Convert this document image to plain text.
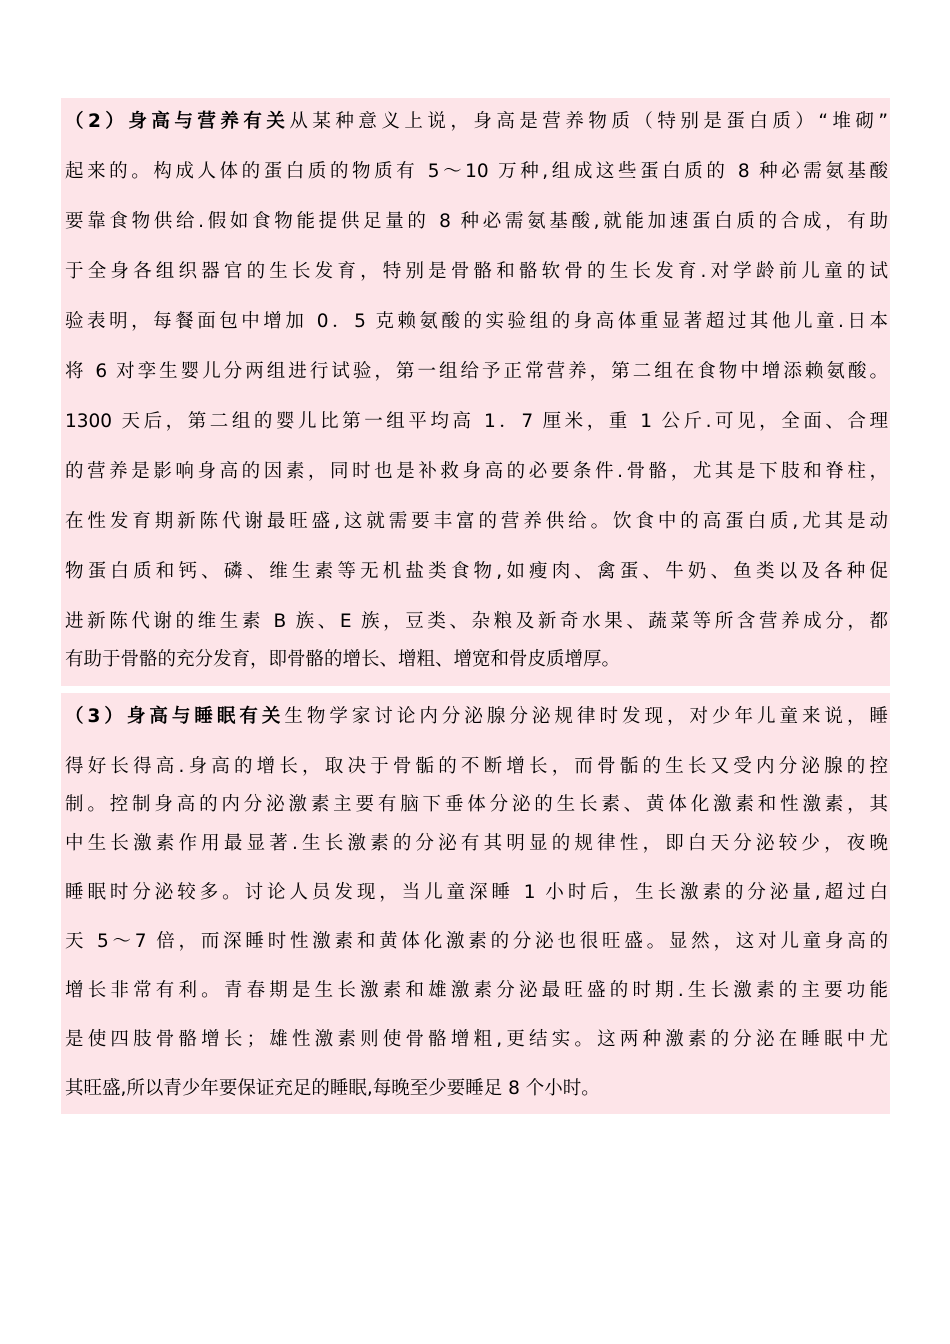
（2）身高与营养有关从某种意义上说，身高是营养物质（特别是蛋白质）“堆砌”
起来的。构成人体的蛋白质的物质有 5～10 万种,组成这些蛋白质的 8 种必需氨基酸
要靠食物供给.假如食物能提供足量的 8 种必需氨基酸,就能加速蛋白质的合成，有助
于全身各组织器官的生长发育，特别是骨骼和骼软骨的生长发育.对学龄前儿童的试
验表明，每餐面包中增加 0．5 克赖氨酸的实验组的身高体重显著超过其他儿童.日本
将 6 对孪生婴儿分两组进行试验，第一组给予正常营养，第二组在食物中增添赖氨酸。
1300 天后，第二组的婴儿比第一组平均高 1．7 厘米，重 1 公斤.可见，全面、合理
的营养是影响身高的因素，同时也是补救身高的必要条件.骨骼，尤其是下肢和脊柱，
在性发育期新陈代谢最旺盛,这就需要丰富的营养供给。饮食中的高蛋白质,尤其是动
物蛋白质和钙、磷、维生素等无机盐类食物,如瘦肉、禽蛋、牛奶、鱼类以及各种促
进新陈代谢的维生素 B 族、E 族，豆类、杂粮及新奇水果、蔬菜等所含营养成分，都
有助于骨骼的充分发育，即骨骼的增长、增粗、增宽和骨皮质增厚。
（3）身高与睡眠有关生物学家讨论内分泌腺分泌规律时发现，对少年儿童来说，睡
得好长得高.身高的增长，取决于骨骺的不断增长，而骨骺的生长又受内分泌腺的控
制。控制身高的内分泌激素主要有脑下垂体分泌的生长素、黄体化激素和性激素，其
中生长激素作用最显著.生长激素的分泌有其明显的规律性，即白天分泌较少，夜晚
睡眠时分泌较多。讨论人员发现，当儿童深睡 1 小时后，生长激素的分泌量,超过白
天 5～7 倍，而深睡时性激素和黄体化激素的分泌也很旺盛。显然，这对儿童身高的
增长非常有利。青春期是生长激素和雄激素分泌最旺盛的时期.生长激素的主要功能
是使四肢骨骼增长；雄性激素则使骨骼增粗,更结实。这两种激素的分泌在睡眠中尤
其旺盛,所以青少年要保证充足的睡眠,每晚至少要睡足 8 个小时。
